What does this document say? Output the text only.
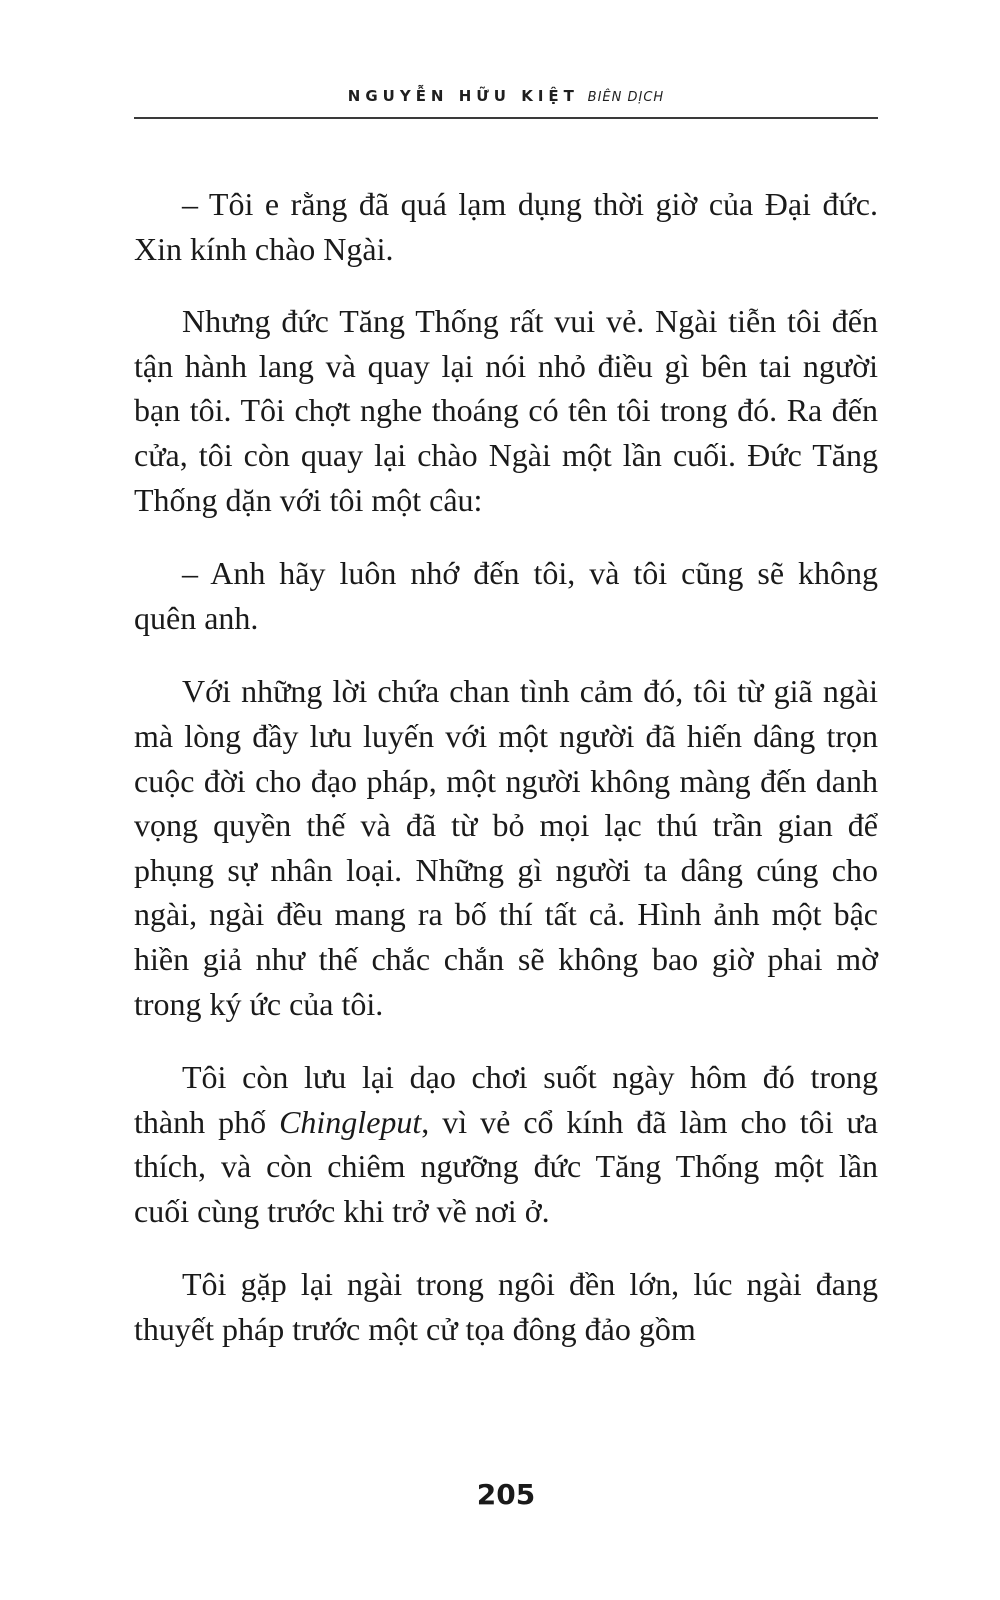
NGUYỄN HỮU KIỆT BIÊN DỊCH

– Tôi e rằng đã quá lạm dụng thời giờ của Đại đức. Xin kính chào Ngài.

Nhưng đức Tăng Thống rất vui vẻ. Ngài tiễn tôi đến tận hành lang và quay lại nói nhỏ điều gì bên tai người bạn tôi. Tôi chợt nghe thoáng có tên tôi trong đó. Ra đến cửa, tôi còn quay lại chào Ngài một lần cuối. Đức Tăng Thống dặn với tôi một câu:

– Anh hãy luôn nhớ đến tôi, và tôi cũng sẽ không quên anh.

Với những lời chứa chan tình cảm đó, tôi từ giã ngài mà lòng đầy lưu luyến với một người đã hiến dâng trọn cuộc đời cho đạo pháp, một người không màng đến danh vọng quyền thế và đã từ bỏ mọi lạc thú trần gian để phụng sự nhân loại. Những gì người ta dâng cúng cho ngài, ngài đều mang ra bố thí tất cả. Hình ảnh một bậc hiền giả như thế chắc chắn sẽ không bao giờ phai mờ trong ký ức của tôi.

Tôi còn lưu lại dạo chơi suốt ngày hôm đó trong thành phố Chingleput, vì vẻ cổ kính đã làm cho tôi ưa thích, và còn chiêm ngưỡng đức Tăng Thống một lần cuối cùng trước khi trở về nơi ở.

Tôi gặp lại ngài trong ngôi đền lớn, lúc ngài đang thuyết pháp trước một cử tọa đông đảo gồm

205
